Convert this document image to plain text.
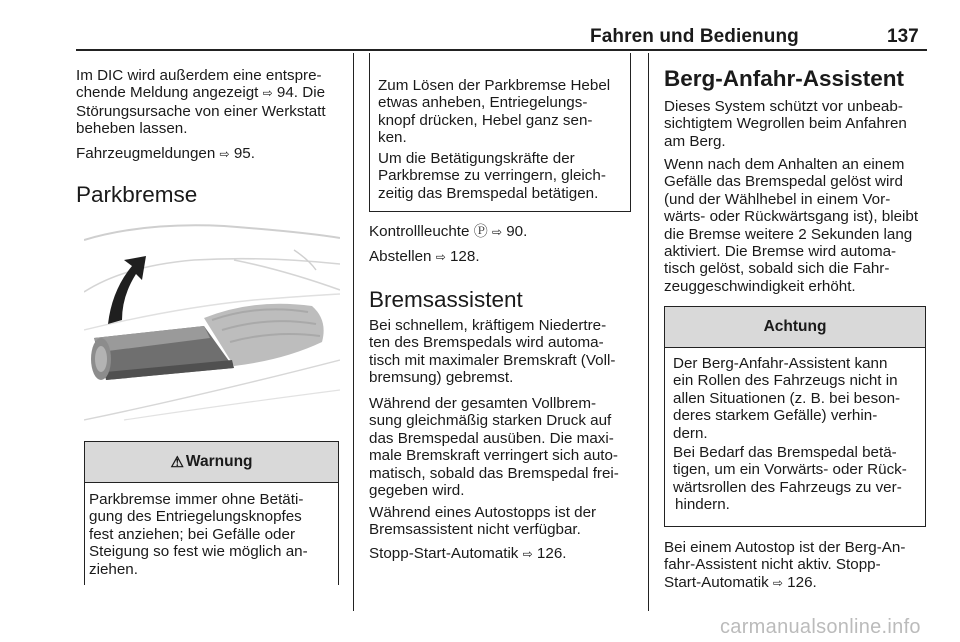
Fahren und Bedienung	137
Im DIC wird außerdem eine entspre-
chende Meldung angezeigt ⇨ 94. Die
Störungsursache von einer Werkstatt
beheben lassen.
Fahrzeugmeldungen ⇨ 95.
Parkbremse
⚠ Warnung
Parkbremse immer ohne Betäti-
gung des Entriegelungsknopfes
fest anziehen; bei Gefälle oder
Steigung so fest wie möglich an-
ziehen.
Zum Lösen der Parkbremse Hebel
etwas anheben, Entriegelungs-
knopf drücken, Hebel ganz sen-
ken.
Um die Betätigungskräfte der
Parkbremse zu verringern, gleich-
zeitig das Bremspedal betätigen.
Kontrollleuchte Ⓟ ⇨ 90.
Abstellen ⇨ 128.
Bremsassistent
Bei schnellem, kräftigem Niedertre-
ten des Bremspedals wird automa-
tisch mit maximaler Bremskraft (Voll-
bremsung) gebremst.
Während der gesamten Vollbrem-
sung gleichmäßig starken Druck auf
das Bremspedal ausüben. Die maxi-
male Bremskraft verringert sich auto-
matisch, sobald das Bremspedal frei-
gegeben wird.
Während eines Autostopps ist der
Bremsassistent nicht verfügbar.
Stopp-Start-Automatik ⇨ 126.
Berg-Anfahr-Assistent
Dieses System schützt vor unbeab-
sichtigtem Wegrollen beim Anfahren
am Berg.
Wenn nach dem Anhalten an einem
Gefälle das Bremspedal gelöst wird
(und der Wählhebel in einem Vor-
wärts- oder Rückwärtsgang ist), bleibt
die Bremse weitere 2 Sekunden lang
aktiviert. Die Bremse wird automa-
tisch gelöst, sobald sich die Fahr-
zeuggeschwindigkeit erhöht.
Achtung
Der Berg-Anfahr-Assistent kann
ein Rollen des Fahrzeugs nicht in
allen Situationen (z. B. bei beson-
deres starkem Gefälle) verhin-
dern.
Bei Bedarf das Bremspedal betä-
tigen, um ein Vorwärts- oder Rück-
wärtsrollen des Fahrzeugs zu ver-
hindern.
Bei einem Autostop ist der Berg-An-
fahr-Assistent nicht aktiv. Stopp-
Start-Automatik ⇨ 126.
carmanualsonline.info
